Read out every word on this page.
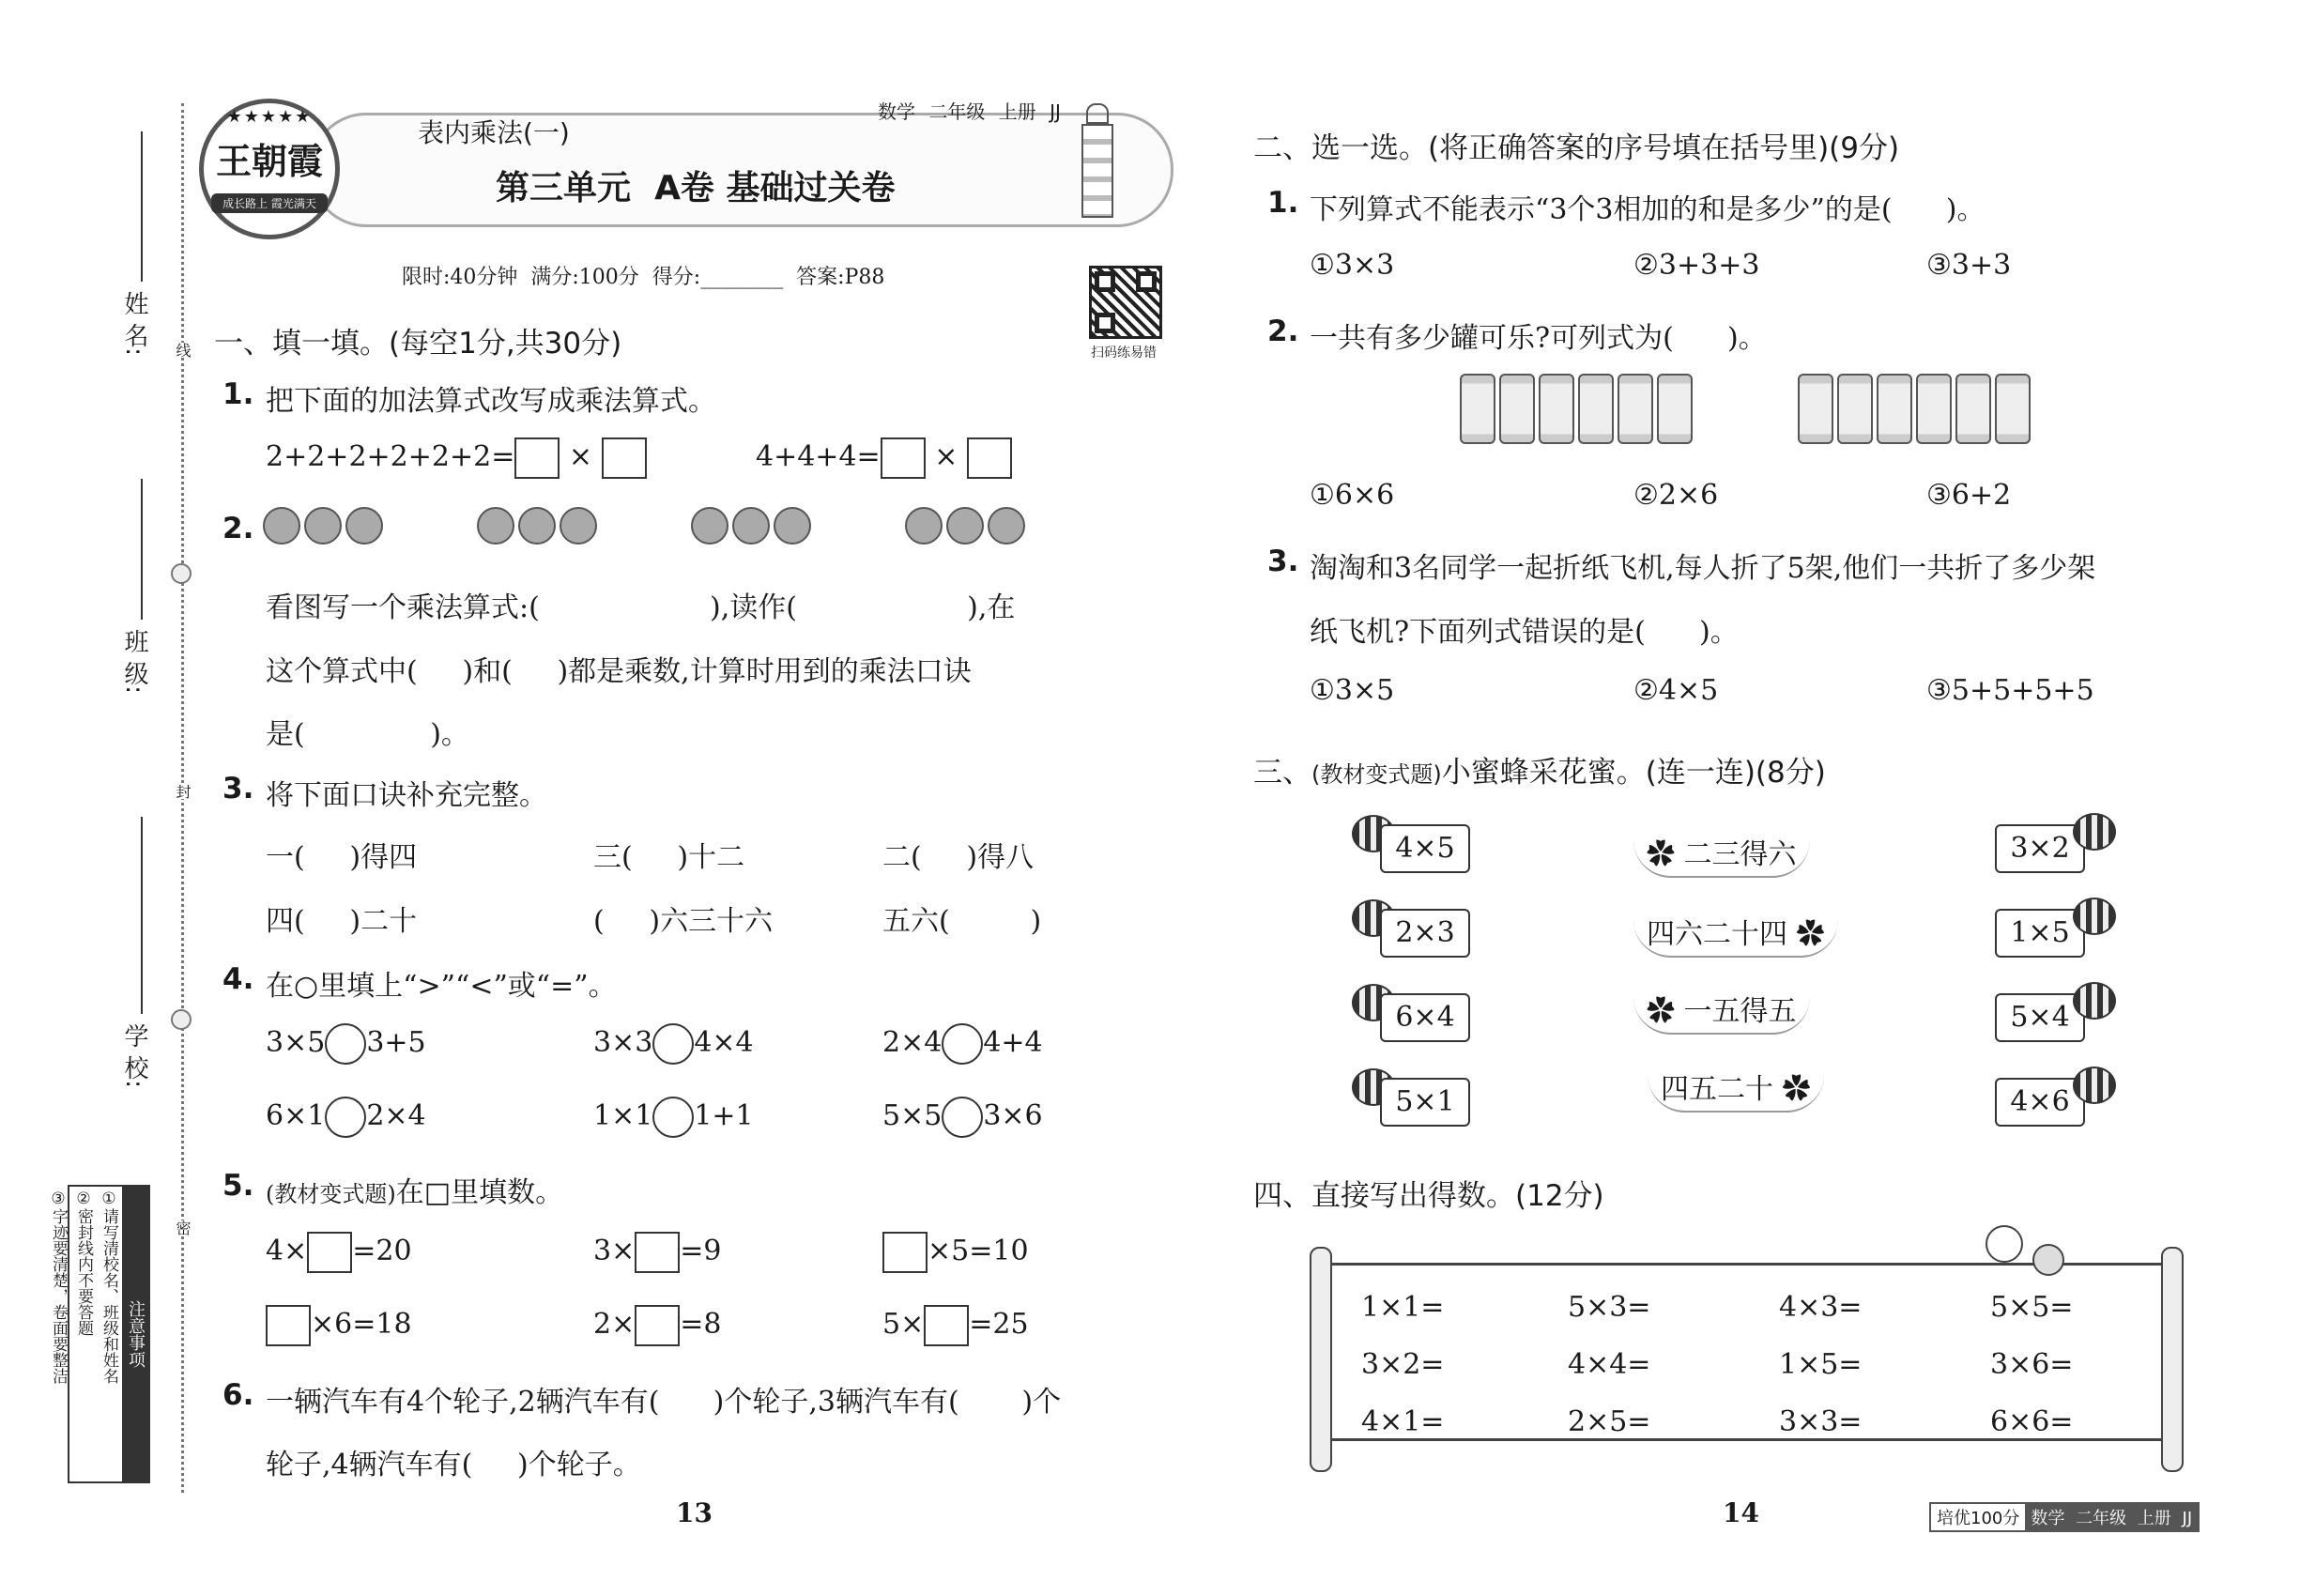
姓 名:
班 级:
学 校:
线
封
密
注意事项
①请写清校名、班级和姓名
②密封线内不要答题
③字迹要清楚，卷面要整洁
★★★★★
王朝霞
成长路上 霞光满天
表内乘法(一)
数学 二年级 上册 JJ
第三单元  A卷 基础过关卷
限时:40分钟  满分:100分  得分:________  答案:P88
扫码练易错
一、填一填。(每空1分,共30分)
1. 把下面的加法算式改写成乘法算式。
2+2+2+2+2+2= ×	4+4+4= ×
2.
看图写一个乘法算式:(                   ),读作(                   ),在
这个算式中(     )和(     )都是乘数,计算时用到的乘法口诀
是(              )。
3. 将下面口诀补充完整。
一(     )得四	三(     )十二	二(     )得八
四(     )二十	(     )六三十六	五六(         )
4. 在○里填上“>”“<”或“=”。
3×5 3+5	3×3 4×4	2×4 4+4
6×1 2×4	1×1 1+1	5×5 3×6
5. (教材变式题)在□里填数。
4× =20	3× =9	×5=10
×6=18	2× =8	5× =25
6. 一辆汽车有4个轮子,2辆汽车有(      )个轮子,3辆汽车有(       )个
轮子,4辆汽车有(     )个轮子。
13
二、选一选。(将正确答案的序号填在括号里)(9分)
1. 下列算式不能表示“3个3相加的和是多少”的是(      )。
①3×3	②3+3+3	③3+3
2. 一共有多少罐可乐?可列式为(      )。
①6×6	②2×6	③6+2
3. 淘淘和3名同学一起折纸飞机,每人折了5架,他们一共折了多少架
纸飞机?下面列式错误的是(      )。
①3×5	②4×5	③5+5+5+5
三、(教材变式题)小蜜蜂采花蜜。(连一连)(8分)
4×5
2×3
6×4
5×1
✿ 二三得六
四六二十四 ✿
✿ 一五得五
四五二十 ✿
3×2
1×5
5×4
4×6
四、直接写出得数。(12分)
1×1=	5×3=	4×3=	5×5=
3×2=	4×4=	1×5=	3×6=
4×1=	2×5=	3×3=	6×6=
14	培优100分 数学 二年级 上册 JJ
